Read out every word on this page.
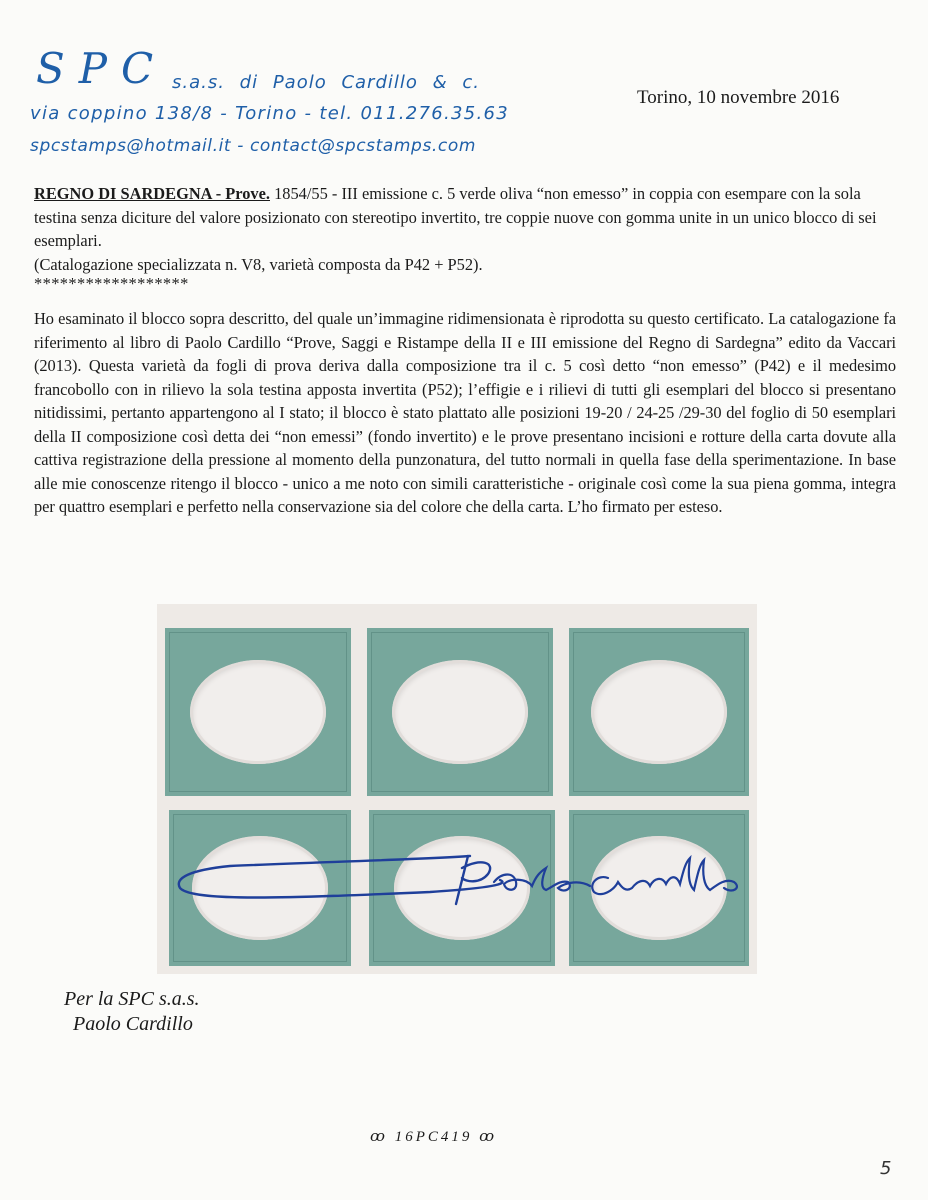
SPC s.a.s. di Paolo Cardillo & c.
via coppino 138/8 - Torino - tel. 011.276.35.63
spcstamps@hotmail.it - contact@spcstamps.com
Torino, 10 novembre 2016
REGNO DI SARDEGNA - Prove. 1854/55 - III emissione c. 5 verde oliva “non emesso” in coppia con esempare con la sola testina senza diciture del valore posizionato con stereotipo invertito, tre coppie nuove con gomma unite in un unico blocco di sei esemplari.
(Catalogazione specializzata n. V8, varietà composta da P42 + P52).
******************
Ho esaminato il blocco sopra descritto, del quale un’immagine ridimensionata è riprodotta su questo certificato. La catalogazione fa riferimento al libro di Paolo Cardillo “Prove, Saggi e Ristampe della II e III emissione del Regno di Sardegna” edito da Vaccari (2013). Questa varietà da fogli di prova deriva dalla composizione tra il c. 5 così detto “non emesso” (P42) e il medesimo francobollo con in rilievo la sola testina apposta invertita (P52); l’effigie e i rilievi di tutti gli esemplari del blocco si presentano nitidissimi, pertanto appartengono al I stato; il blocco è stato plattato alle posizioni 19-20 / 24-25 /29-30 del foglio di 50 esemplari della II composizione così detta dei “non emessi” (fondo invertito) e le prove presentano incisioni e rotture della carta dovute alla cattiva registrazione della pressione al momento della punzonatura, del tutto normali in quella fase della sperimentazione. In base alle mie conoscenze ritengo il blocco - unico a me noto con simili caratteristiche - originale così come la sua piena gomma, integra per quattro esemplari e perfetto nella conservazione sia del colore che della carta. L’ho firmato per esteso.
Per la SPC s.a.s.
Paolo Cardillo
ꝏ 16PC419 ꝏ
5
